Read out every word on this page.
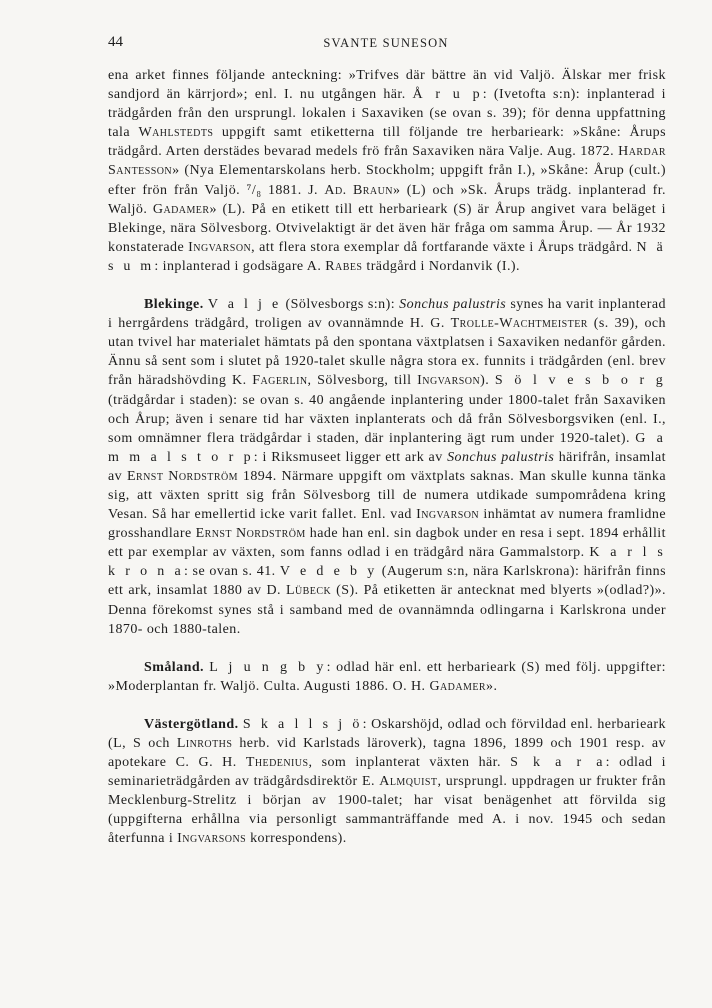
44	SVANTE SUNESON

ena arket finnes följande anteckning: »Trifves där bättre än vid Valjö. Älskar mer frisk sandjord än kärrjord»; enl. I. nu utgången här. Å r u p: (Ivetofta s:n): inplanterad i trädgården från den ursprungl. lokalen i Saxaviken (se ovan s. 39); för denna uppfattning tala Wahlstedts uppgift samt etiketterna till följande tre herbarieark: »Skåne: Årups trädgård. Arten derstädes bevarad medels frö från Saxaviken nära Valje. Aug. 1872. Hardar Santesson» (Nya Elementarskolans herb. Stockholm; uppgift från I.), »Skåne: Årup (cult.) efter frön från Valjö. ⁷/₈ 1881. J. Ad. Braun» (L) och »Sk. Årups trädg. inplanterad fr. Waljö. Gadamer» (L). På en etikett till ett herbarieark (S) är Årup angivet vara beläget i Blekinge, nära Sölvesborg. Otvivelaktigt är det även här fråga om samma Årup. — År 1932 konstaterade Ingvarson, att flera stora exemplar då fortfarande växte i Årups trädgård. N ä s u m: inplanterad i godsägare A. Rabes trädgård i Nordanvik (I.).

Blekinge. V a l j e (Sölvesborgs s:n): Sonchus palustris synes ha varit inplanterad i herrgårdens trädgård, troligen av ovannämnde H. G. Trolle-Wachtmeister (s. 39), och utan tvivel har materialet hämtats på den spontana växtplatsen i Saxaviken nedanför gården. Ännu så sent som i slutet på 1920-talet skulle några stora ex. funnits i trädgården (enl. brev från häradshövding K. Fagerlin, Sölvesborg, till Ingvarson). S ö l v e s b o r g (trädgårdar i staden): se ovan s. 40 angående inplantering under 1800-talet från Saxaviken och Årup; även i senare tid har växten inplanterats och då från Sölvesborgsviken (enl. I., som omnämner flera trädgårdar i staden, där inplantering ägt rum under 1920-talet). G a m m a l s t o r p: i Riksmuseet ligger ett ark av Sonchus palustris härifrån, insamlat av Ernst Nordström 1894. Närmare uppgift om växtplats saknas. Man skulle kunna tänka sig, att växten spritt sig från Sölvesborg till de numera utdikade sumpområdena kring Vesan. Så har emellertid icke varit fallet. Enl. vad Ingvarson inhämtat av numera framlidne grosshandlare Ernst Nordström hade han enl. sin dagbok under en resa i sept. 1894 erhållit ett par exemplar av växten, som fanns odlad i en trädgård nära Gammalstorp. K a r l s k r o n a: se ovan s. 41. V e d e b y (Augerum s:n, nära Karlskrona): härifrån finns ett ark, insamlat 1880 av D. Lübeck (S). På etiketten är antecknat med blyerts »(odlad?)». Denna förekomst synes stå i samband med de ovannämnda odlingarna i Karlskrona under 1870- och 1880-talen.

Småland. L j u n g b y: odlad här enl. ett herbarieark (S) med följ. uppgifter: »Moderplantan fr. Waljö. Culta. Augusti 1886. O. H. Gadamer».

Västergötland. S k a l l s j ö: Oskarshöjd, odlad och förvildad enl. herbarieark (L, S och Linroths herb. vid Karlstads läroverk), tagna 1896, 1899 och 1901 resp. av apotekare C. G. H. Thedenius, som inplanterat växten här. S k a r a: odlad i seminarieträdgården av trädgårdsdirektör E. Almquist, ursprungl. uppdragen ur frukter från Mecklenburg-Strelitz i början av 1900-talet; har visat benägenhet att förvilda sig (uppgifterna erhållna via personligt sammanträffande med A. i nov. 1945 och sedan återfunna i Ingvarsons korrespondens).
